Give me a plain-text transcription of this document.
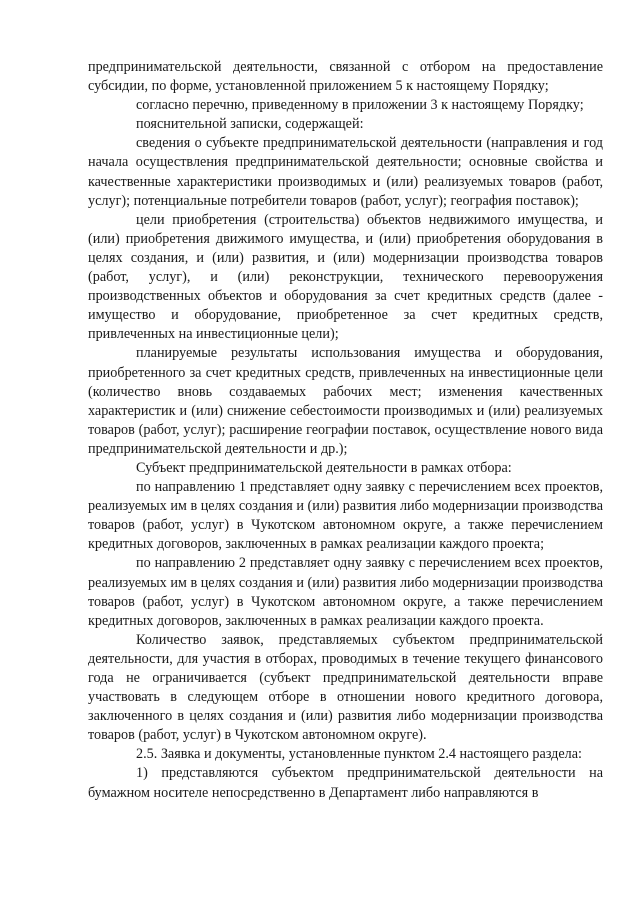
предпринимательской деятельности, связанной с отбором на предоставление субсидии, по форме, установленной приложением 5 к настоящему Порядку;

согласно перечню, приведенному в приложении 3 к настоящему Порядку;

пояснительной записки, содержащей:

сведения о субъекте предпринимательской деятельности (направления и год начала осуществления предпринимательской деятельности; основные свойства и качественные характеристики производимых и (или) реализуемых товаров (работ, услуг); потенциальные потребители товаров (работ, услуг); география поставок);

цели приобретения (строительства) объектов недвижимого имущества, и (или) приобретения движимого имущества, и (или) приобретения оборудования в целях создания, и (или) развития, и (или) модернизации производства товаров (работ, услуг), и (или) реконструкции, технического перевооружения производственных объектов и оборудования за счет кредитных средств (далее - имущество и оборудование, приобретенное за счет кредитных средств, привлеченных на инвестиционные цели);

планируемые результаты использования имущества и оборудования, приобретенного за счет кредитных средств, привлеченных на инвестиционные цели (количество вновь создаваемых рабочих мест; изменения качественных характеристик и (или) снижение себестоимости производимых и (или) реализуемых товаров (работ, услуг); расширение географии поставок, осуществление нового вида предпринимательской деятельности и др.);

Субъект предпринимательской деятельности в рамках отбора:

по направлению 1 представляет одну заявку с перечислением всех проектов, реализуемых им в целях создания и (или) развития либо модернизации производства товаров (работ, услуг) в Чукотском автономном округе, а также перечислением кредитных договоров, заключенных в рамках реализации каждого проекта;

по направлению 2 представляет одну заявку с перечислением всех проектов, реализуемых им в целях создания и (или) развития либо модернизации производства товаров (работ, услуг) в Чукотском автономном округе, а также перечислением кредитных договоров, заключенных в рамках реализации каждого проекта.

Количество заявок, представляемых субъектом предпринимательской деятельности, для участия в отборах, проводимых в течение текущего финансового года не ограничивается (субъект предпринимательской деятельности вправе участвовать в следующем отборе в отношении нового кредитного договора, заключенного в целях создания и (или) развития либо модернизации производства товаров (работ, услуг) в Чукотском автономном округе).

2.5. Заявка и документы, установленные пунктом 2.4 настоящего раздела:

1) представляются субъектом предпринимательской деятельности на бумажном носителе непосредственно в Департамент либо направляются в
